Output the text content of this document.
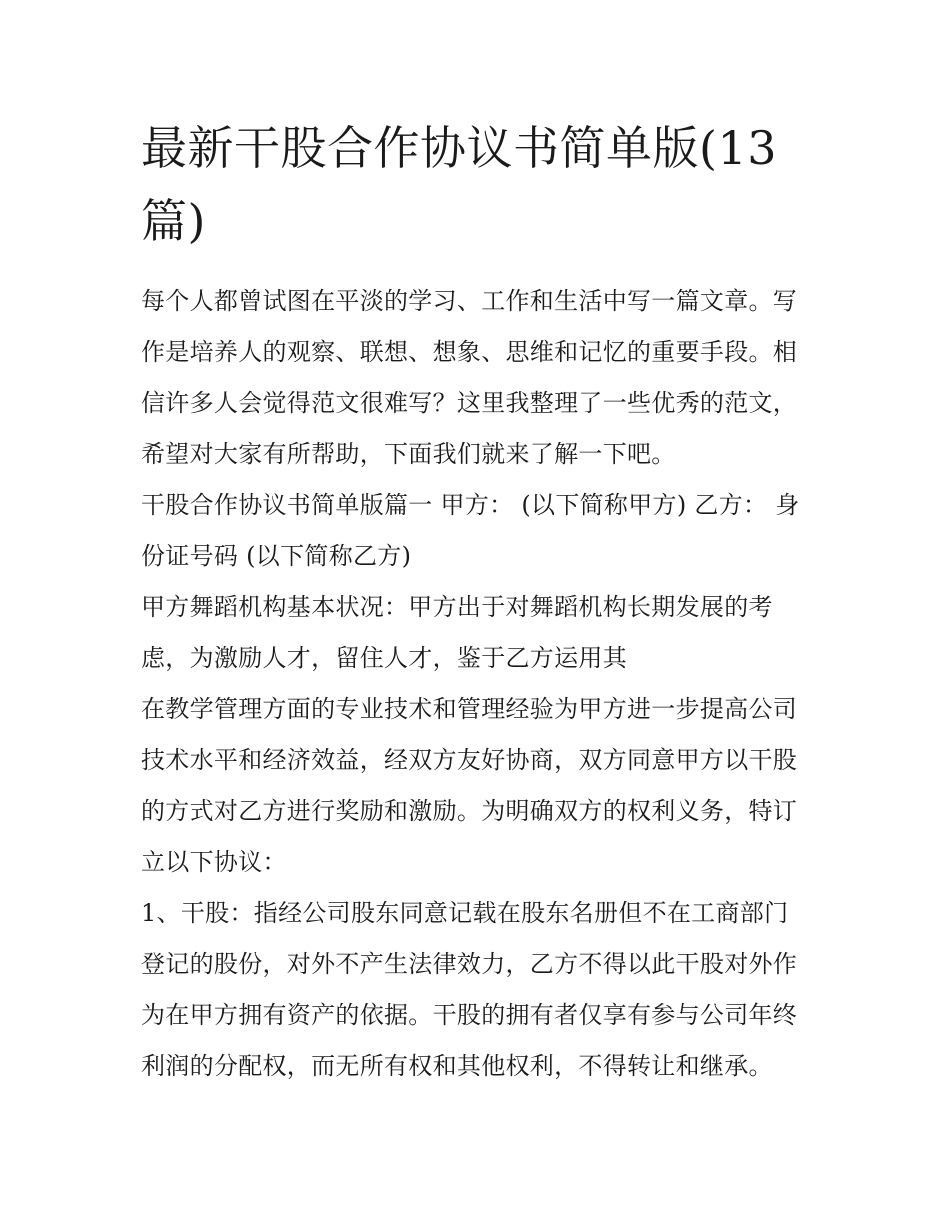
最新干股合作协议书简单版(13
篇)

每个人都曾试图在平淡的学习、工作和生活中写一篇文章。写
作是培养人的观察、联想、想象、思维和记忆的重要手段。相
信许多人会觉得范文很难写？这里我整理了一些优秀的范文，
希望对大家有所帮助，下面我们就来了解一下吧。

干股合作协议书简单版篇一 甲方： (以下简称甲方) 乙方： 身
份证号码 (以下简称乙方)

甲方舞蹈机构基本状况：甲方出于对舞蹈机构长期发展的考
虑，为激励人才，留住人才，鉴于乙方运用其

在教学管理方面的专业技术和管理经验为甲方进一步提高公司
技术水平和经济效益，经双方友好协商，双方同意甲方以干股
的方式对乙方进行奖励和激励。为明确双方的权利义务，特订
立以下协议：

1、干股：指经公司股东同意记载在股东名册但不在工商部门
登记的股份，对外不产生法律效力，乙方不得以此干股对外作
为在甲方拥有资产的依据。干股的拥有者仅享有参与公司年终
利润的分配权，而无所有权和其他权利，不得转让和继承。
